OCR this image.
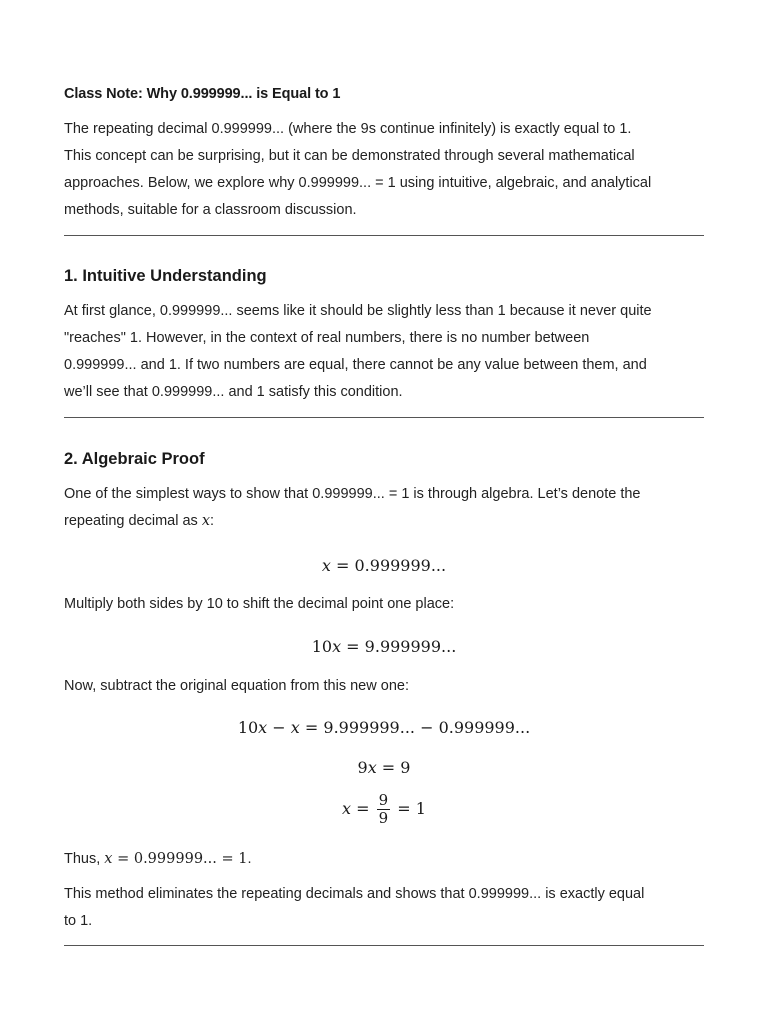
Class Note: Why 0.999999... is Equal to 1
The repeating decimal 0.999999... (where the 9s continue infinitely) is exactly equal to 1.
This concept can be surprising, but it can be demonstrated through several mathematical
approaches. Below, we explore why 0.999999... = 1 using intuitive, algebraic, and analytical
methods, suitable for a classroom discussion.
1. Intuitive Understanding
At first glance, 0.999999... seems like it should be slightly less than 1 because it never quite
"reaches" 1. However, in the context of real numbers, there is no number between
0.999999... and 1. If two numbers are equal, there cannot be any value between them, and
we’ll see that 0.999999... and 1 satisfy this condition.
2. Algebraic Proof
One of the simplest ways to show that 0.999999... = 1 is through algebra. Let’s denote the
repeating decimal as x:
x = 0.999999...
Multiply both sides by 10 to shift the decimal point one place:
10x = 9.999999...
Now, subtract the original equation from this new one:
10x − x = 9.999999... − 0.999999...
9x = 9
$x = \frac{9}{9} = 1$
Thus, x = 0.999999... = 1.
This method eliminates the repeating decimals and shows that 0.999999... is exactly equal
to 1.
